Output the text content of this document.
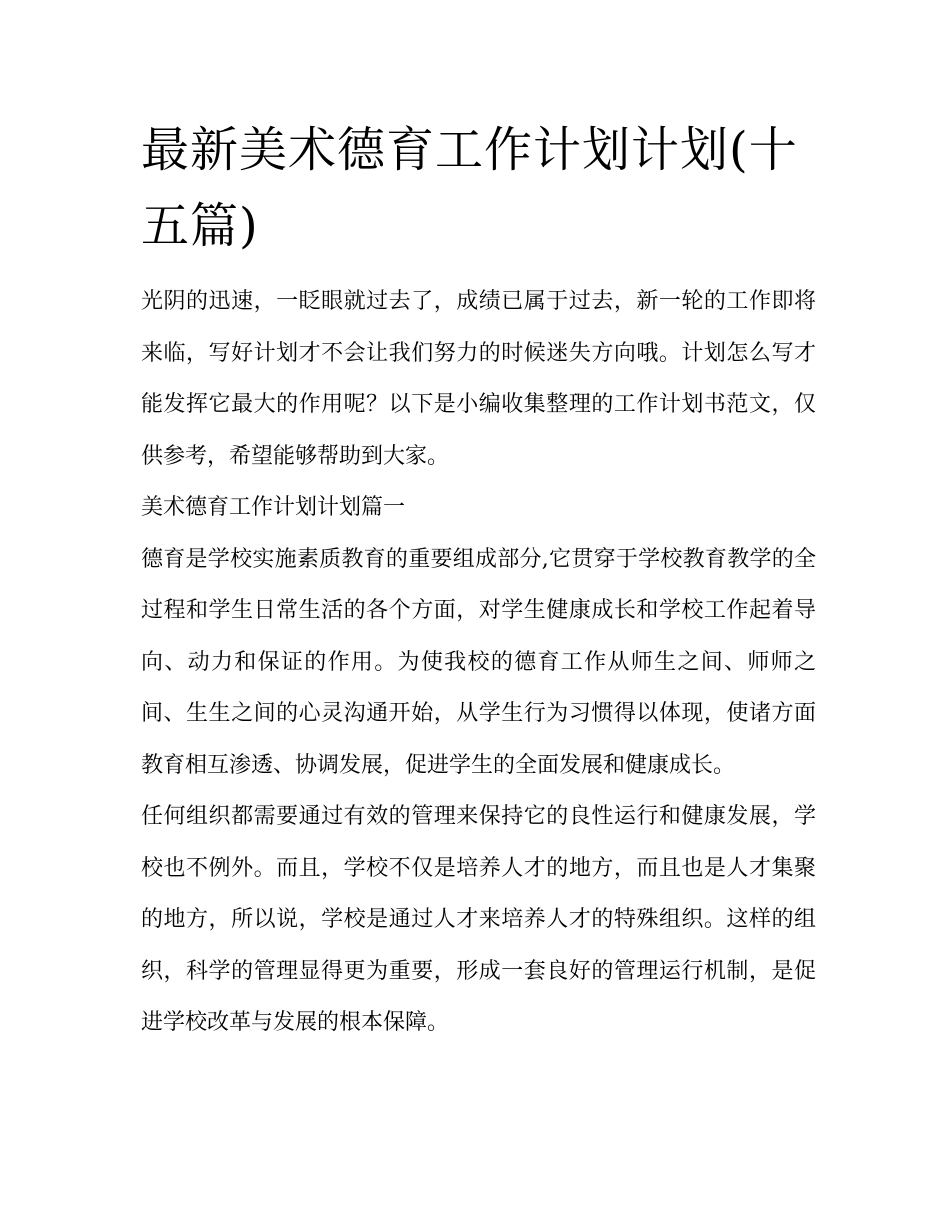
最新美术德育工作计划计划(十五篇)

光阴的迅速，一眨眼就过去了，成绩已属于过去，新一轮的工作即将来临，写好计划才不会让我们努力的时候迷失方向哦。计划怎么写才能发挥它最大的作用呢？以下是小编收集整理的工作计划书范文，仅供参考，希望能够帮助到大家。

美术德育工作计划计划篇一

德育是学校实施素质教育的重要组成部分,它贯穿于学校教育教学的全过程和学生日常生活的各个方面，对学生健康成长和学校工作起着导向、动力和保证的作用。为使我校的德育工作从师生之间、师师之间、生生之间的心灵沟通开始，从学生行为习惯得以体现，使诸方面教育相互渗透、协调发展，促进学生的全面发展和健康成长。

任何组织都需要通过有效的管理来保持它的良性运行和健康发展，学校也不例外。而且，学校不仅是培养人才的地方，而且也是人才集聚的地方，所以说，学校是通过人才来培养人才的特殊组织。这样的组织，科学的管理显得更为重要，形成一套良好的管理运行机制，是促进学校改革与发展的根本保障。
